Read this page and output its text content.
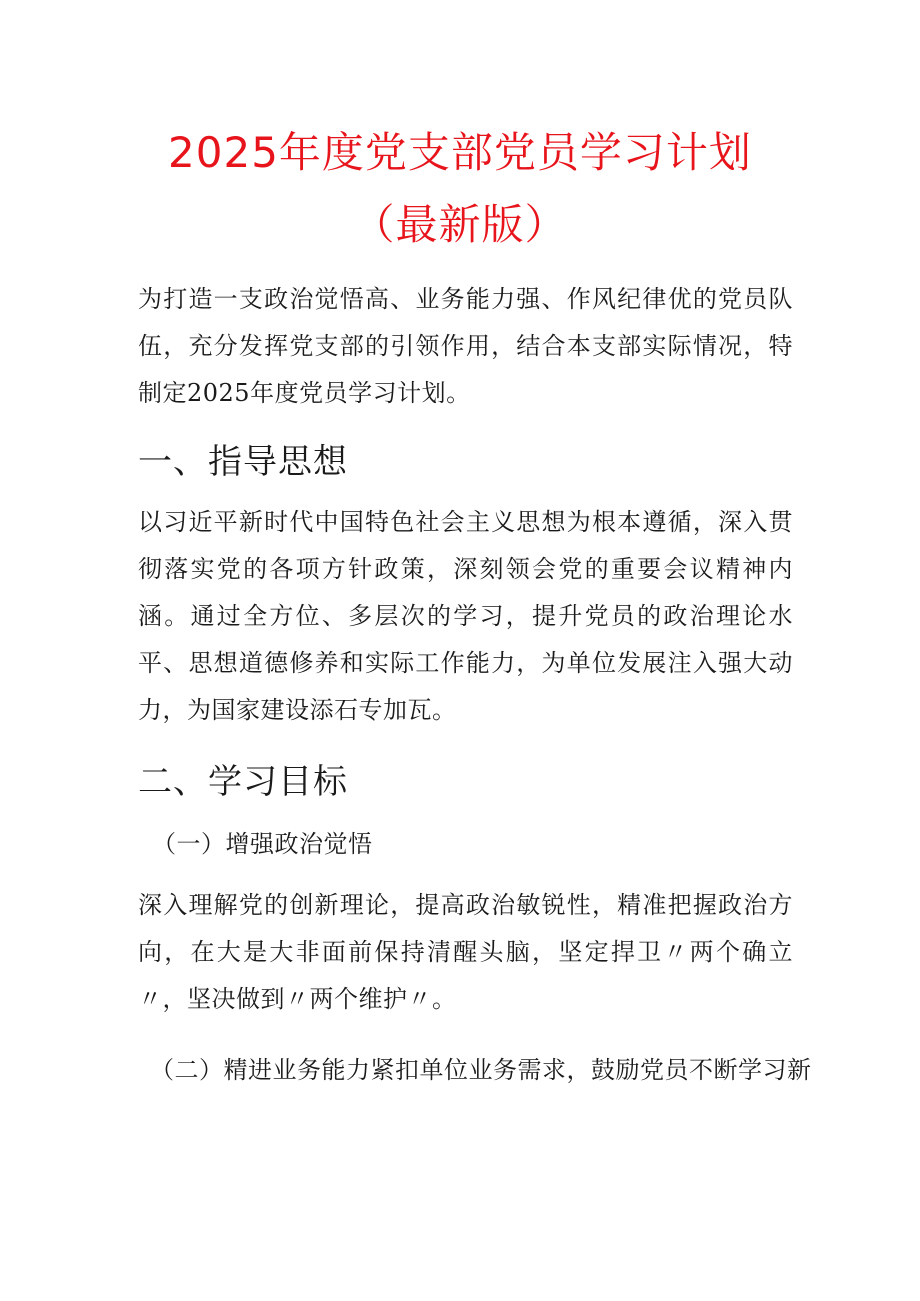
2025年度党支部党员学习计划
（最新版）

为打造一支政治觉悟高、业务能力强、作风纪律优的党员队伍，充分发挥党支部的引领作用，结合本支部实际情况，特制定2025年度党员学习计划。

一、指导思想

以习近平新时代中国特色社会主义思想为根本遵循，深入贯彻落实党的各项方针政策，深刻领会党的重要会议精神内涵。通过全方位、多层次的学习，提升党员的政治理论水平、思想道德修养和实际工作能力，为单位发展注入强大动力，为国家建设添石专加瓦。

二、学习目标

（一）增强政治觉悟

深入理解党的创新理论，提高政治敏锐性，精准把握政治方向，在大是大非面前保持清醒头脑，坚定捍卫〃两个确立〃，坚决做到〃两个维护〃。

（二）精进业务能力紧扣单位业务需求，鼓励党员不断学习新
